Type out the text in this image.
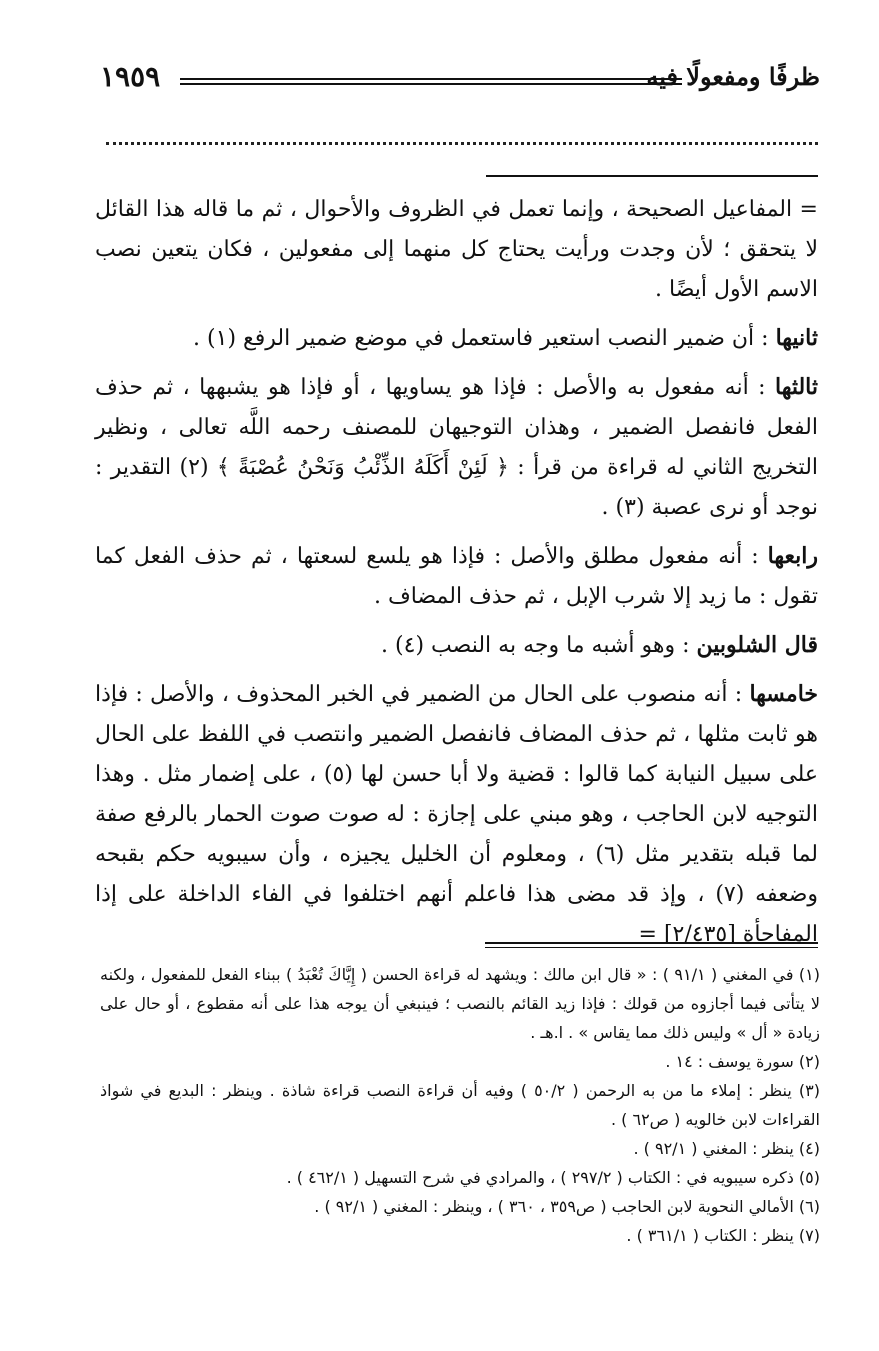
١٩٥٩	ظرفًا ومفعولًا فيه

= المفاعيل الصحيحة ، وإنما تعمل في الظروف والأحوال ، ثم ما قاله هذا القائل لا يتحقق ؛ لأن وجدت ورأيت يحتاج كل منهما إلى مفعولين ، فكان يتعين نصب الاسم الأول أيضًا .

ثانيها : أن ضمير النصب استعير فاستعمل في موضع ضمير الرفع (١) .

ثالثها : أنه مفعول به والأصل : فإذا هو يساويها ، أو فإذا هو يشبهها ، ثم حذف الفعل فانفصل الضمير ، وهذان التوجيهان للمصنف رحمه اللَّه تعالى ، ونظير التخريج الثاني له قراءة من قرأ : ﴿ لَئِنْ أَكَلَهُ الذِّئْبُ وَنَحْنُ عُصْبَةً ﴾ (٢) التقدير : نوجد أو نرى عصبة (٣) .

رابعها : أنه مفعول مطلق والأصل : فإذا هو يلسع لسعتها ، ثم حذف الفعل كما تقول : ما زيد إلا شرب الإبل ، ثم حذف المضاف .

قال الشلوبين : وهو أشبه ما وجه به النصب (٤) .

خامسها : أنه منصوب على الحال من الضمير في الخبر المحذوف ، والأصل : فإذا هو ثابت مثلها ، ثم حذف المضاف فانفصل الضمير وانتصب في اللفظ على الحال على سبيل النيابة كما قالوا : قضية ولا أبا حسن لها (٥) ، على إضمار مثل . وهذا التوجيه لابن الحاجب ، وهو مبني على إجازة : له صوت صوت الحمار بالرفع صفة لما قبله بتقدير مثل (٦) ، ومعلوم أن الخليل يجيزه ، وأن سيبويه حكم بقبحه وضعفه (٧) ، وإذ قد مضى هذا فاعلم أنهم اختلفوا في الفاء الداخلة على إذا المفاجأة [٢/٤٣٥] =

(١) في المغني ( ٩١/١ ) : « قال ابن مالك : ويشهد له قراءة الحسن ( إِيَّاكَ تُعْبَدُ ) ببناء الفعل للمفعول ، ولكنه لا يتأتى فيما أجازوه من قولك : فإذا زيد القائم بالنصب ؛ فينبغي أن يوجه هذا على أنه مقطوع ، أو حال على زيادة « أل » وليس ذلك مما يقاس » . ا.هـ .

(٢) سورة يوسف : ١٤ .

(٣) ينظر : إملاء ما من به الرحمن ( ٥٠/٢ ) وفيه أن قراءة النصب قراءة شاذة . وينظر : البديع في شواذ القراءات لابن خالويه ( ص٦٢ ) .

(٤) ينظر : المغني ( ٩٢/١ ) .

(٥) ذكره سيبويه في : الكتاب ( ٢٩٧/٢ ) ، والمرادي في شرح التسهيل ( ٤٦٢/١ ) .

(٦) الأمالي النحوية لابن الحاجب ( ص٣٥٩ ، ٣٦٠ ) ، وينظر : المغني ( ٩٢/١ ) .

(٧) ينظر : الكتاب ( ٣٦١/١ ) .
